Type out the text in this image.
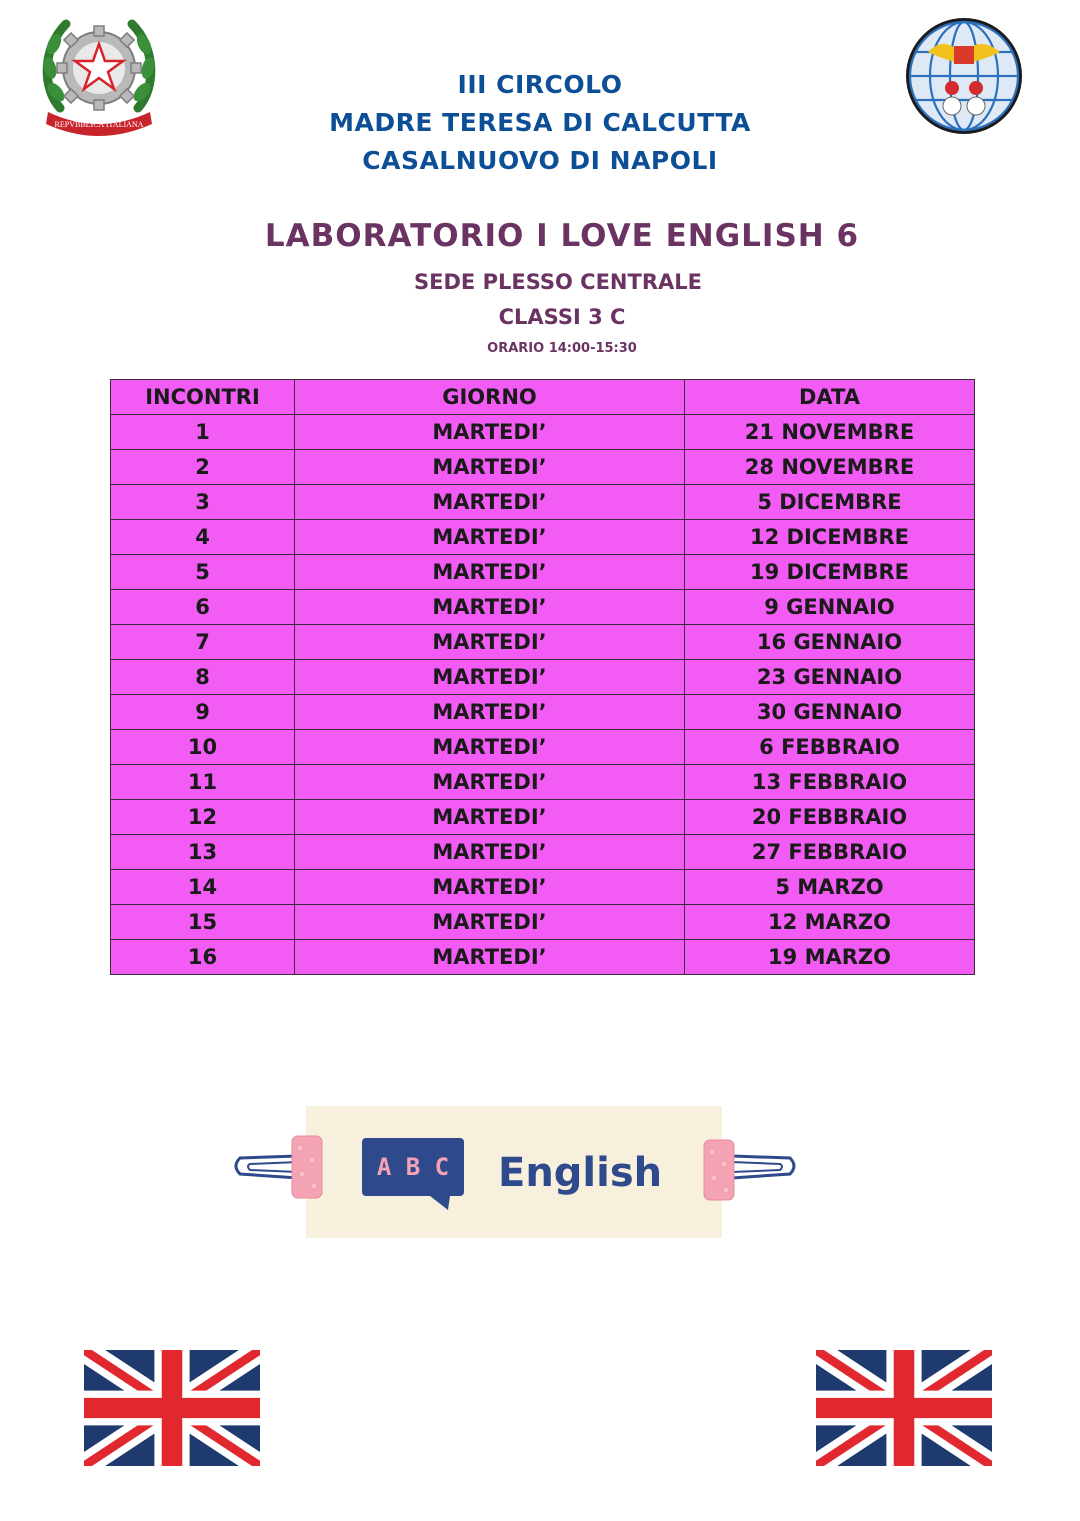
REPVBBLICA ITALIANA
III CIRCOLO
MADRE TERESA DI CALCUTTA
CASALNUOVO DI NAPOLI
LABORATORIO I LOVE ENGLISH 6
SEDE PLESSO CENTRALE
CLASSI 3 C
ORARIO 14:00-15:30
INCONTRI	GIORNO	DATA
1	MARTEDI’	21 NOVEMBRE
2	MARTEDI’	28 NOVEMBRE
3	MARTEDI’	5 DICEMBRE
4	MARTEDI’	12 DICEMBRE
5	MARTEDI’	19 DICEMBRE
6	MARTEDI’	9 GENNAIO
7	MARTEDI’	16 GENNAIO
8	MARTEDI’	23 GENNAIO
9	MARTEDI’	30 GENNAIO
10	MARTEDI’	6 FEBBRAIO
11	MARTEDI’	13 FEBBRAIO
12	MARTEDI’	20 FEBBRAIO
13	MARTEDI’	27 FEBBRAIO
14	MARTEDI’	5 MARZO
15	MARTEDI’	12 MARZO
16	MARTEDI’	19 MARZO
A B C English
